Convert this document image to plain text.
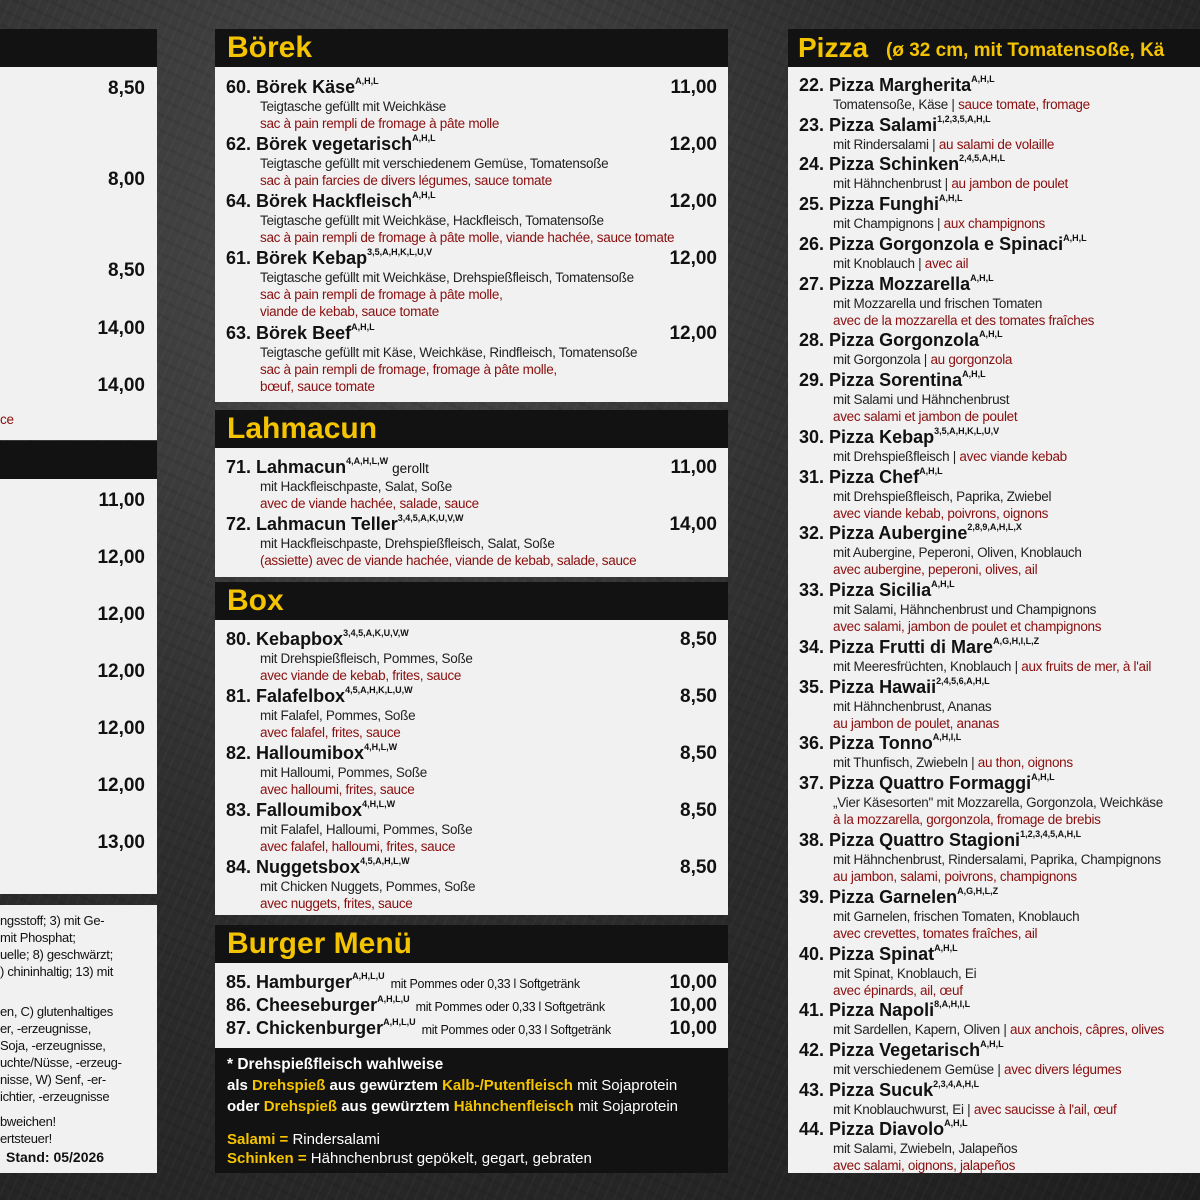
8,50
8,00
8,50
14,00
14,00
ce
11,00
12,00
12,00
12,00
12,00
12,00
13,00
ngsstoff; 3) mit Ge-
mit Phosphat;
uelle; 8) geschwärzt;
) chininhaltig; 13) mit
en, C) glutenhaltiges
er, -erzeugnisse,
Soja, -erzeugnisse,
uchte/Nüsse, -erzeug-
nisse, W) Senf, -er-
ichtier, -erzeugnisse
bweichen!
ertsteuer!
Stand: 05/2026
Börek
60. Börek Käse$^{A,H,L}$	11,00
Teigtasche gefüllt mit Weichkäse
sac à pain rempli de fromage à pâte molle
62. Börek vegetarisch$^{A,H,L}$	12,00
Teigtasche gefüllt mit verschiedenem Gemüse, Tomatensoße
sac à pain farcies de divers légumes, sauce tomate
64. Börek Hackfleisch$^{A,H,L}$	12,00
Teigtasche gefüllt mit Weichkäse, Hackfleisch, Tomatensoße
sac à pain rempli de fromage à pâte molle, viande hachée, sauce tomate
61. Börek Kebap$^{3,5,A,H,K,L,U,V}$	12,00
Teigtasche gefüllt mit Weichkäse, Drehspießfleisch, Tomatensoße
sac à pain rempli de fromage à pâte molle,
viande de kebab, sauce tomate
63. Börek Beef$^{A,H,L}$	12,00
Teigtasche gefüllt mit Käse, Weichkäse, Rindfleisch, Tomatensoße
sac à pain rempli de fromage, fromage à pâte molle,
bœuf, sauce tomate
Lahmacun
71. Lahmacun$^{4,A,H,L,W}$ gerollt	11,00
mit Hackfleischpaste, Salat, Soße
avec de viande hachée, salade, sauce
72. Lahmacun Teller$^{3,4,5,A,K,U,V,W}$	14,00
mit Hackfleischpaste, Drehspießfleisch, Salat, Soße
(assiette) avec de viande hachée, viande de kebab, salade, sauce
Box
80. Kebapbox$^{3,4,5,A,K,U,V,W}$	8,50
mit Drehspießfleisch, Pommes, Soße
avec viande de kebab, frites, sauce
81. Falafelbox$^{4,5,A,H,K,L,U,W}$	8,50
mit Falafel, Pommes, Soße
avec falafel, frites, sauce
82. Halloumibox$^{4,H,L,W}$	8,50
mit Halloumi, Pommes, Soße
avec halloumi, frites, sauce
83. Falloumibox$^{4,H,L,W}$	8,50
mit Falafel, Halloumi, Pommes, Soße
avec falafel, halloumi, frites, sauce
84. Nuggetsbox$^{4,5,A,H,L,W}$	8,50
mit Chicken Nuggets, Pommes, Soße
avec nuggets, frites, sauce
Burger Menü
85. Hamburger$^{A,H,L,U}$mit Pommes oder 0,33 l Softgetränk	10,00
86. Cheeseburger$^{A,H,L,U}$mit Pommes oder 0,33 l Softgetränk	10,00
87. Chickenburger$^{A,H,L,U}$mit Pommes oder 0,33 l Softgetränk	10,00
* Drehspießfleisch wahlweise
als Drehspieß aus gewürztem Kalb-/Putenfleisch mit Sojaprotein
oder Drehspieß aus gewürztem Hähnchenfleisch mit Sojaprotein
Salami = Rindersalami
Schinken = Hähnchenbrust gepökelt, gegart, gebraten
Pizza (ø 32 cm, mit Tomatensoße, Kä
22. Pizza Margherita$^{A,H,L}$
Tomatensoße, Käse | sauce tomate, fromage
23. Pizza Salami$^{1,2,3,5,A,H,L}$
mit Rindersalami | au salami de volaille
24. Pizza Schinken$^{2,4,5,A,H,L}$
mit Hähnchenbrust | au jambon de poulet
25. Pizza Funghi$^{A,H,L}$
mit Champignons | aux champignons
26. Pizza Gorgonzola e Spinaci$^{A,H,L}$
mit Knoblauch | avec ail
27. Pizza Mozzarella$^{A,H,L}$
mit Mozzarella und frischen Tomaten
avec de la mozzarella et des tomates fraîches
28. Pizza Gorgonzola$^{A,H,L}$
mit Gorgonzola | au gorgonzola
29. Pizza Sorentina$^{A,H,L}$
mit Salami und Hähnchenbrust
avec salami et jambon de poulet
30. Pizza Kebap$^{3,5,A,H,K,L,U,V}$
mit Drehspießfleisch | avec viande kebab
31. Pizza Chef$^{A,H,L}$
mit Drehspießfleisch, Paprika, Zwiebel
avec viande kebab, poivrons, oignons
32. Pizza Aubergine$^{2,8,9,A,H,L,X}$
mit Aubergine, Peperoni, Oliven, Knoblauch
avec aubergine, peperoni, olives, ail
33. Pizza Sicilia$^{A,H,L}$
mit Salami, Hähnchenbrust und Champignons
avec salami, jambon de poulet et champignons
34. Pizza Frutti di Mare$^{A,G,H,I,L,Z}$
mit Meeresfrüchten, Knoblauch | aux fruits de mer, à l'ail
35. Pizza Hawaii$^{2,4,5,6,A,H,L}$
mit Hähnchenbrust, Ananas
au jambon de poulet, ananas
36. Pizza Tonno$^{A,H,I,L}$
mit Thunfisch, Zwiebeln | au thon, oignons
37. Pizza Quattro Formaggi$^{A,H,L}$
„Vier Käsesorten" mit Mozzarella, Gorgonzola, Weichkäse
à la mozzarella, gorgonzola, fromage de brebis
38. Pizza Quattro Stagioni$^{1,2,3,4,5,A,H,L}$
mit Hähnchenbrust, Rindersalami, Paprika, Champignons
au jambon, salami, poivrons, champignons
39. Pizza Garnelen$^{A,G,H,L,Z}$
mit Garnelen, frischen Tomaten, Knoblauch
avec crevettes, tomates fraîches, ail
40. Pizza Spinat$^{A,H,L}$
mit Spinat, Knoblauch, Ei
avec épinards, ail, œuf
41. Pizza Napoli$^{8,A,H,I,L}$
mit Sardellen, Kapern, Oliven | aux anchois, câpres, olives
42. Pizza Vegetarisch$^{A,H,L}$
mit verschiedenem Gemüse | avec divers légumes
43. Pizza Sucuk$^{2,3,4,A,H,L}$
mit Knoblauchwurst, Ei | avec saucisse à l'ail, œuf
44. Pizza Diavolo$^{A,H,L}$
mit Salami, Zwiebeln, Jalapeños
avec salami, oignons, jalapeños
